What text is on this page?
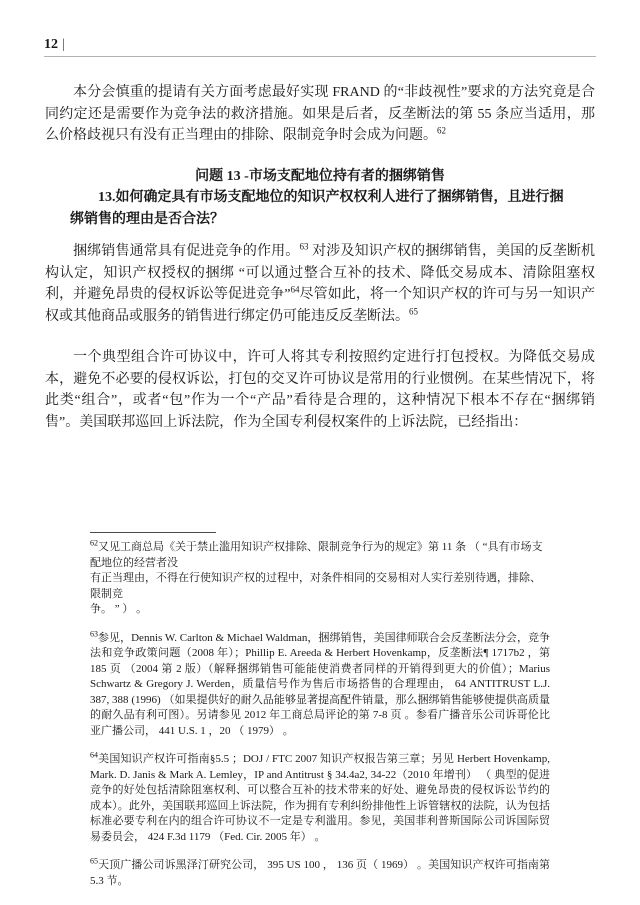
12 |

本分会慎重的提请有关方面考虑最好实现 FRAND 的“非歧视性”要求的方法究竟是合同约定还是需要作为竞争法的救济措施。如果是后者，反垄断法的第 55 条应当适用，那么价格歧视只有没有正当理由的排除、限制竞争时会成为问题。$^{62}$

问题 13 -市场支配地位持有者的捆绑销售
13.如何确定具有市场支配地位的知识产权权利人进行了捆绑销售，且进行捆绑销售的理由是否合法？

捆绑销售通常具有促进竞争的作用。$^{63}$ 对涉及知识产权的捆绑销售，美国的反垄断机构认定，知识产权授权的捆绑 “可以通过整合互补的技术、降低交易成本、清除阻塞权利，并避免昂贵的侵权诉讼等促进竞争”$^{64}$尽管如此，将一个知识产权的许可与另一知识产权或其他商品或服务的销售进行绑定仍可能违反反垄断法。$^{65}$

一个典型组合许可协议中，许可人将其专利按照约定进行打包授权。为降低交易成本，避免不必要的侵权诉讼，打包的交叉许可协议是常用的行业惯例。在某些情况下，将此类“组合”，或者“包”作为一个“产品”看待是合理的，这种情况下根本不存在“捆绑销售”。美国联邦巡回上诉法院，作为全国专利侵权案件的上诉法院，已经指出：

$^{62}$又见工商总局《关于禁止滥用知识产权排除、限制竞争行为的规定》第 11 条 （ “具有市场支配地位的经营者没
有正当理由，不得在行使知识产权的过程中，对条件相同的交易相对人实行差别待遇，排除、限制竞
争。 ” ） 。

$^{63}$参见，Dennis W. Carlton & Michael Waldman，捆绑销售，美国律师联合会反垄断法分会，竞争法和竞争政策问题（2008 年）；Phillip E. Areeda & Herbert Hovenkamp，反垄断法¶ 1717b2 ，第 185 页 （2004 第 2 版）（解释捆绑销售可能能使消费者同样的开销得到更大的价值）；Marius Schwartz & Gregory J. Werden，质量信号作为售后市场搭售的合理理由， 64 ANTITRUST L.J. 387, 388 (1996) （如果提供好的耐久品能够显著提高配件销量，那么捆绑销售能够使提供高质量的耐久品有利可图）。另请参见 2012 年工商总局评论的第 7-8 页 。参看广播音乐公司诉哥伦比亚广播公司， 441 U.S. 1 ，20 （ 1979） 。

$^{64}$美国知识产权许可指南§5.5 ；DOJ / FTC 2007 知识产权报告第三章；另见 Herbert Hovenkamp, Mark. D. Janis & Mark A. Lemley，IP and Antitrust § 34.4a2, 34-22（2010 年增刊） （ 典型的促进竞争的好处包括清除阻塞权利、可以整合互补的技术带来的好处、避免昂贵的侵权诉讼节约的成本）。此外，美国联邦巡回上诉法院，作为拥有专利纠纷排他性上诉管辖权的法院，认为包括标准必要专利在内的组合许可协议不一定是专利滥用。参见，美国菲利普斯国际公司诉国际贸易委员会， 424 F.3d 1179 （Fed. Cir. 2005 年） 。

$^{65}$天顶广播公司诉黑泽汀研究公司， 395 US 100 ， 136 页（ 1969） 。美国知识产权许可指南第 5.3 节。
